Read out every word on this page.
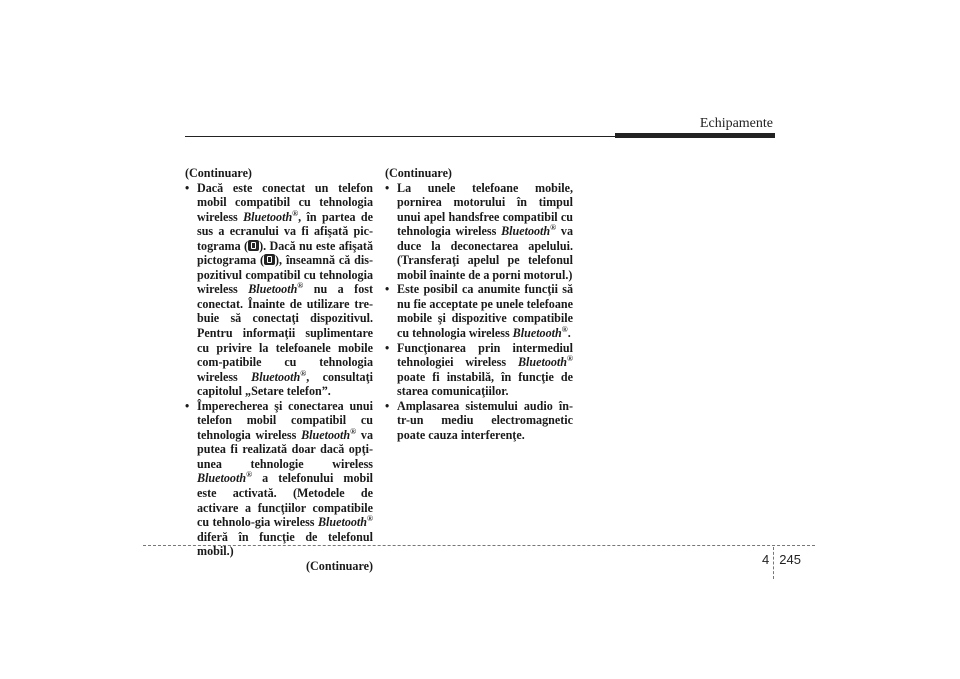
Echipamente
(Continuare)
• Dacă este conectat un telefon mobil compatibil cu tehnologia wireless Bluetooth®, în partea de sus a ecranului va fi afişată pic-tograma ( ). Dacă nu este afişată pictograma ( ), înseamnă că dis-pozitivul compatibil cu tehnologia wireless Bluetooth® nu a fost conectat. Înainte de utilizare tre-buie să conectaţi dispozitivul. Pentru informaţii suplimentare cu privire la telefoanele mobile com-patibile cu tehnologia wireless Bluetooth®, consultaţi capitolul „Setare telefon”.
• Împerecherea şi conectarea unui telefon mobil compatibil cu tehnologia wireless Bluetooth® va putea fi realizată doar dacă opţi-unea tehnologie wireless Bluetooth® a telefonului mobil este activată. (Metodele de activare a funcţiilor compatibile cu tehnolo-gia wireless Bluetooth® diferă în funcţie de telefonul mobil.)
(Continuare)
(Continuare)
• La unele telefoane mobile, pornirea motorului în timpul unui apel handsfree compatibil cu tehnologia wireless Bluetooth® va duce la deconectarea apelului. (Transferaţi apelul pe telefonul mobil înainte de a porni motorul.)
• Este posibil ca anumite funcţii să nu fie acceptate pe unele telefoane mobile şi dispozitive compatibile cu tehnologia wireless Bluetooth®.
• Funcţionarea prin intermediul tehnologiei wireless Bluetooth® poate fi instabilă, în funcţie de starea comunicaţiilor.
• Amplasarea sistemului audio în-tr-un mediu electromagnetic poate cauza interferenţe.
4 245
